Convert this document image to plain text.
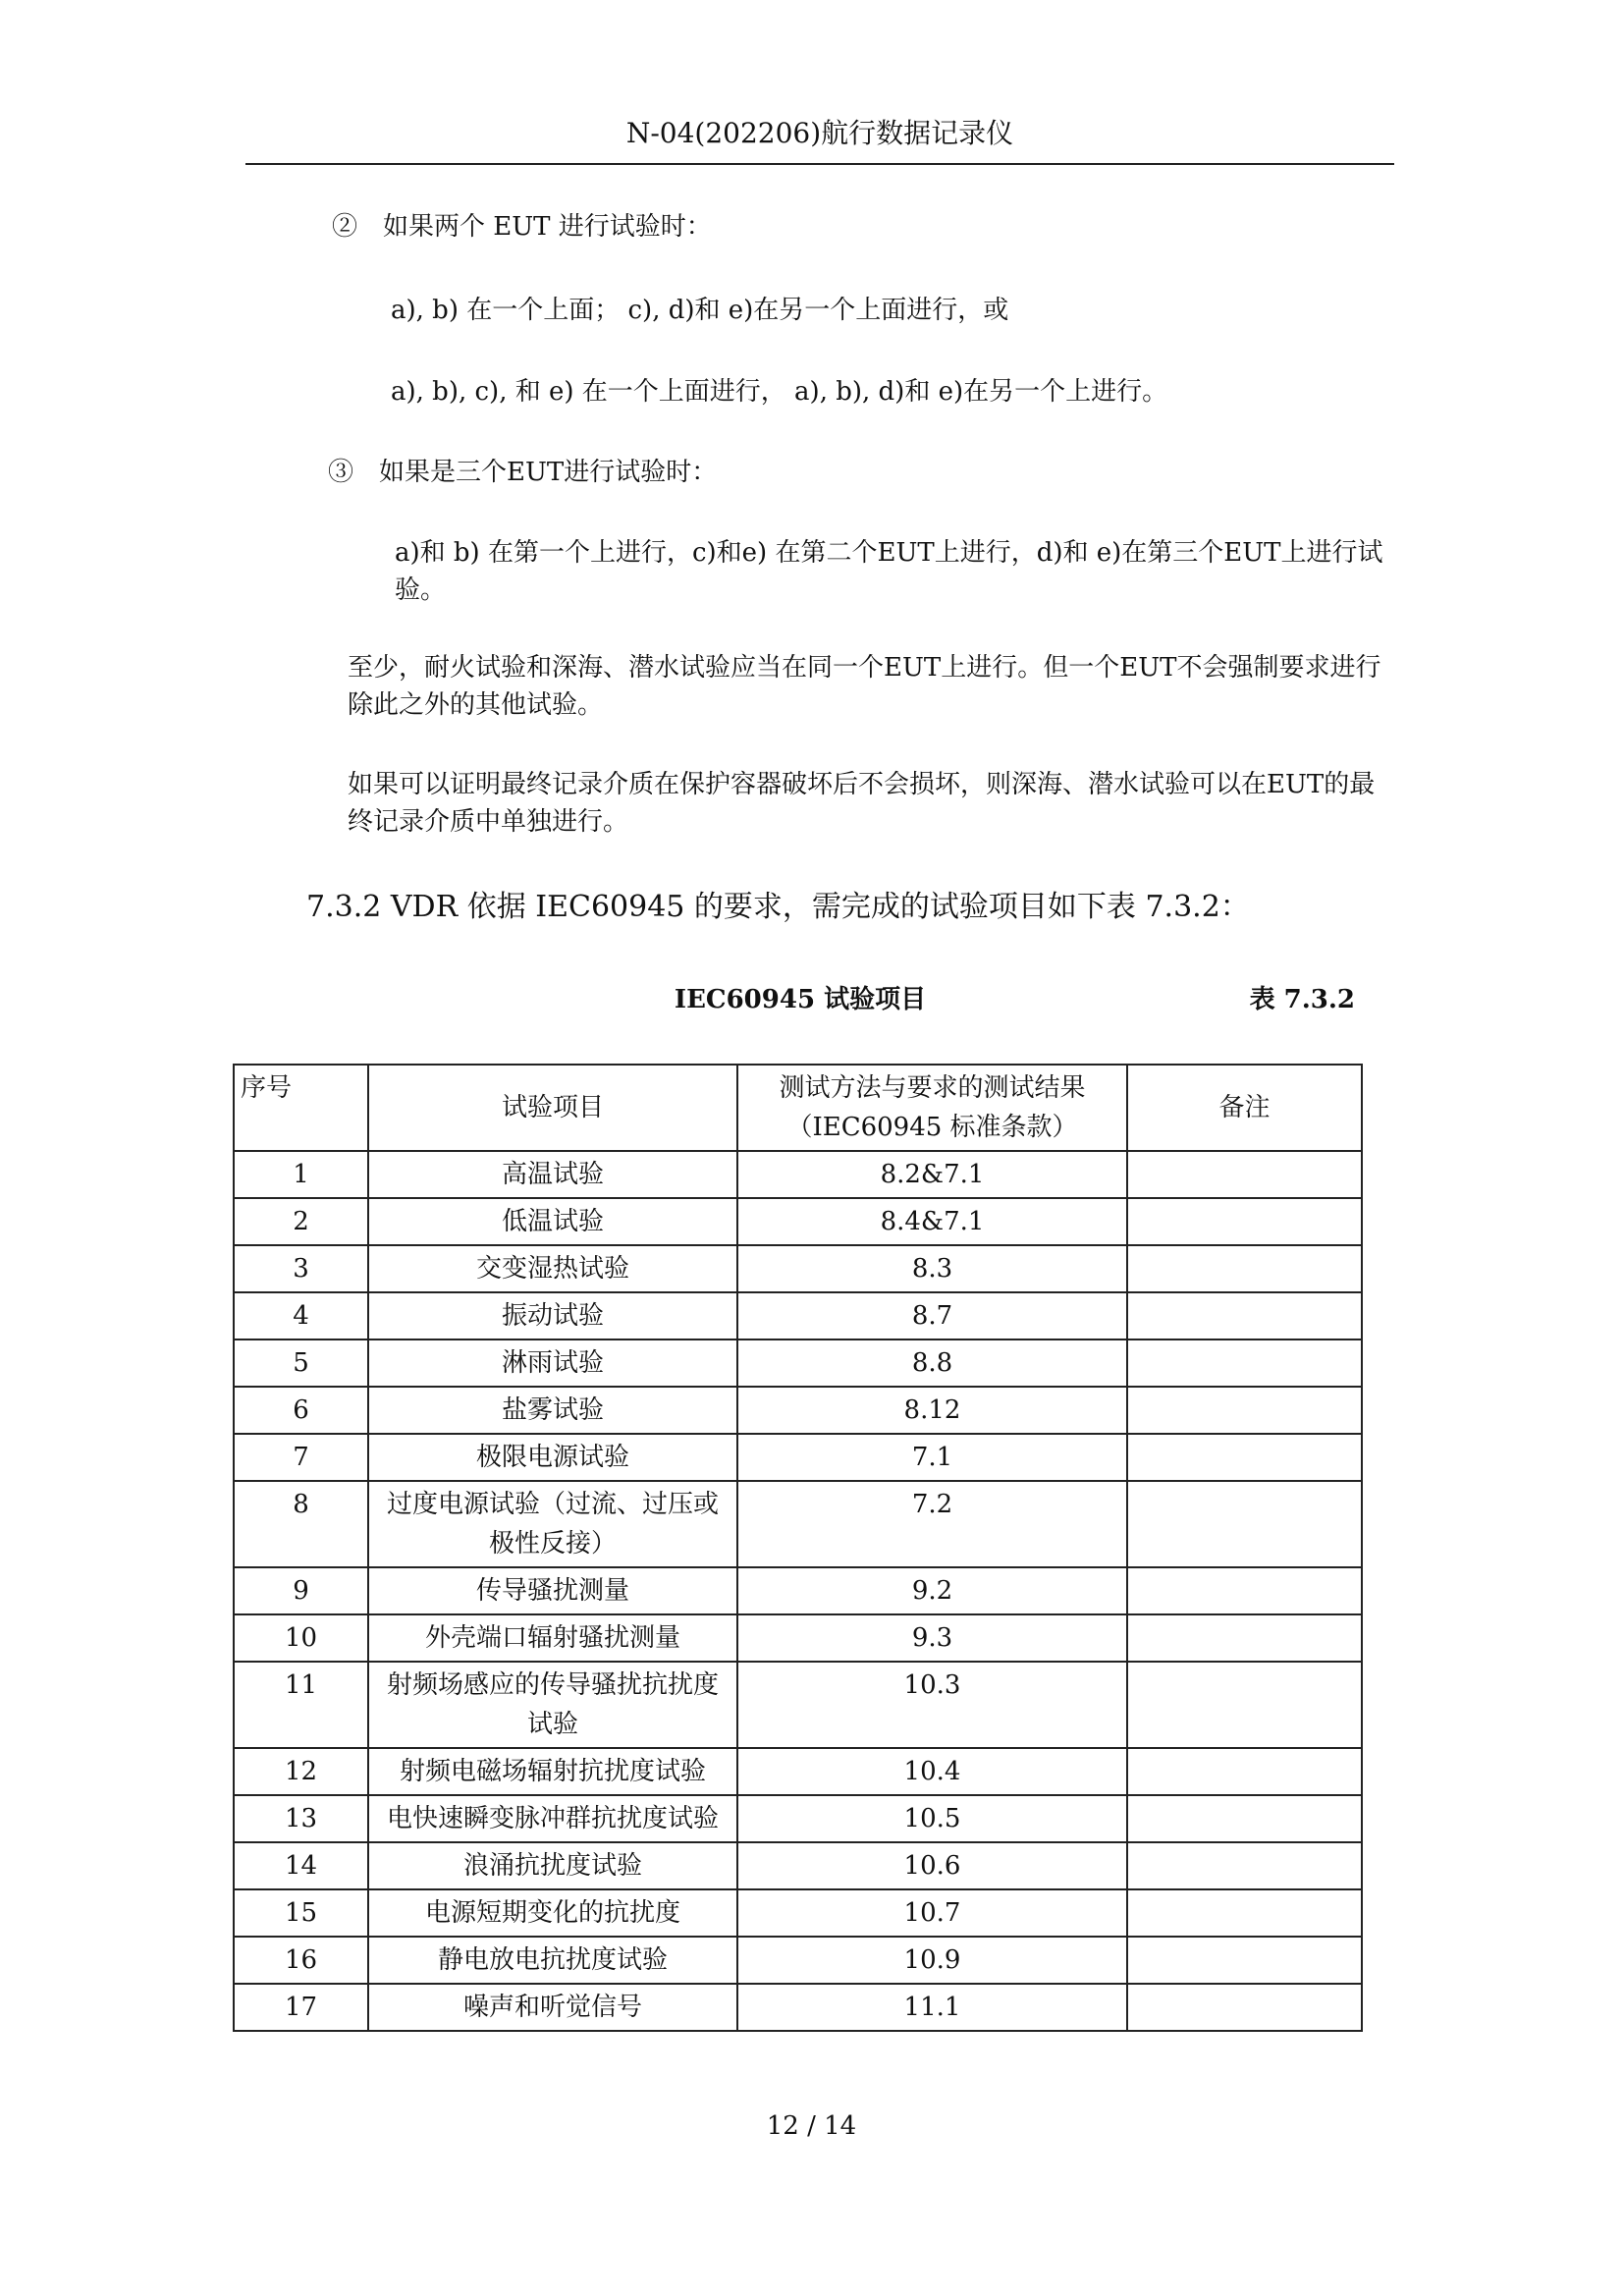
N-04(202206)航行数据记录仪
②　如果两个 EUT 进行试验时：
a), b) 在一个上面； c), d)和 e)在另一个上面进行，或
a), b), c), 和 e) 在一个上面进行， a), b), d)和 e)在另一个上进行。
③　如果是三个EUT进行试验时：
a)和 b) 在第一个上进行，c)和e) 在第二个EUT上进行，d)和 e)在第三个EUT上进行试验。
至少，耐火试验和深海、潜水试验应当在同一个EUT上进行。但一个EUT不会强制要求进行除此之外的其他试验。
如果可以证明最终记录介质在保护容器破坏后不会损坏，则深海、潜水试验可以在EUT的最终记录介质中单独进行。
7.3.2 VDR 依据 IEC60945 的要求，需完成的试验项目如下表 7.3.2：
IEC60945 试验项目	表 7.3.2
序号	试验项目	测试方法与要求的测试结果（IEC60945 标准条款）	备注
1	高温试验	8.2&7.1	
2	低温试验	8.4&7.1	
3	交变湿热试验	8.3	
4	振动试验	8.7	
5	淋雨试验	8.8	
6	盐雾试验	8.12	
7	极限电源试验	7.1	
8	过度电源试验（过流、过压或极性反接）	7.2	
9	传导骚扰测量	9.2	
10	外壳端口辐射骚扰测量	9.3	
11	射频场感应的传导骚扰抗扰度试验	10.3	
12	射频电磁场辐射抗扰度试验	10.4	
13	电快速瞬变脉冲群抗扰度试验	10.5	
14	浪涌抗扰度试验	10.6	
15	电源短期变化的抗扰度	10.7	
16	静电放电抗扰度试验	10.9	
17	噪声和听觉信号	11.1	
12 / 14
